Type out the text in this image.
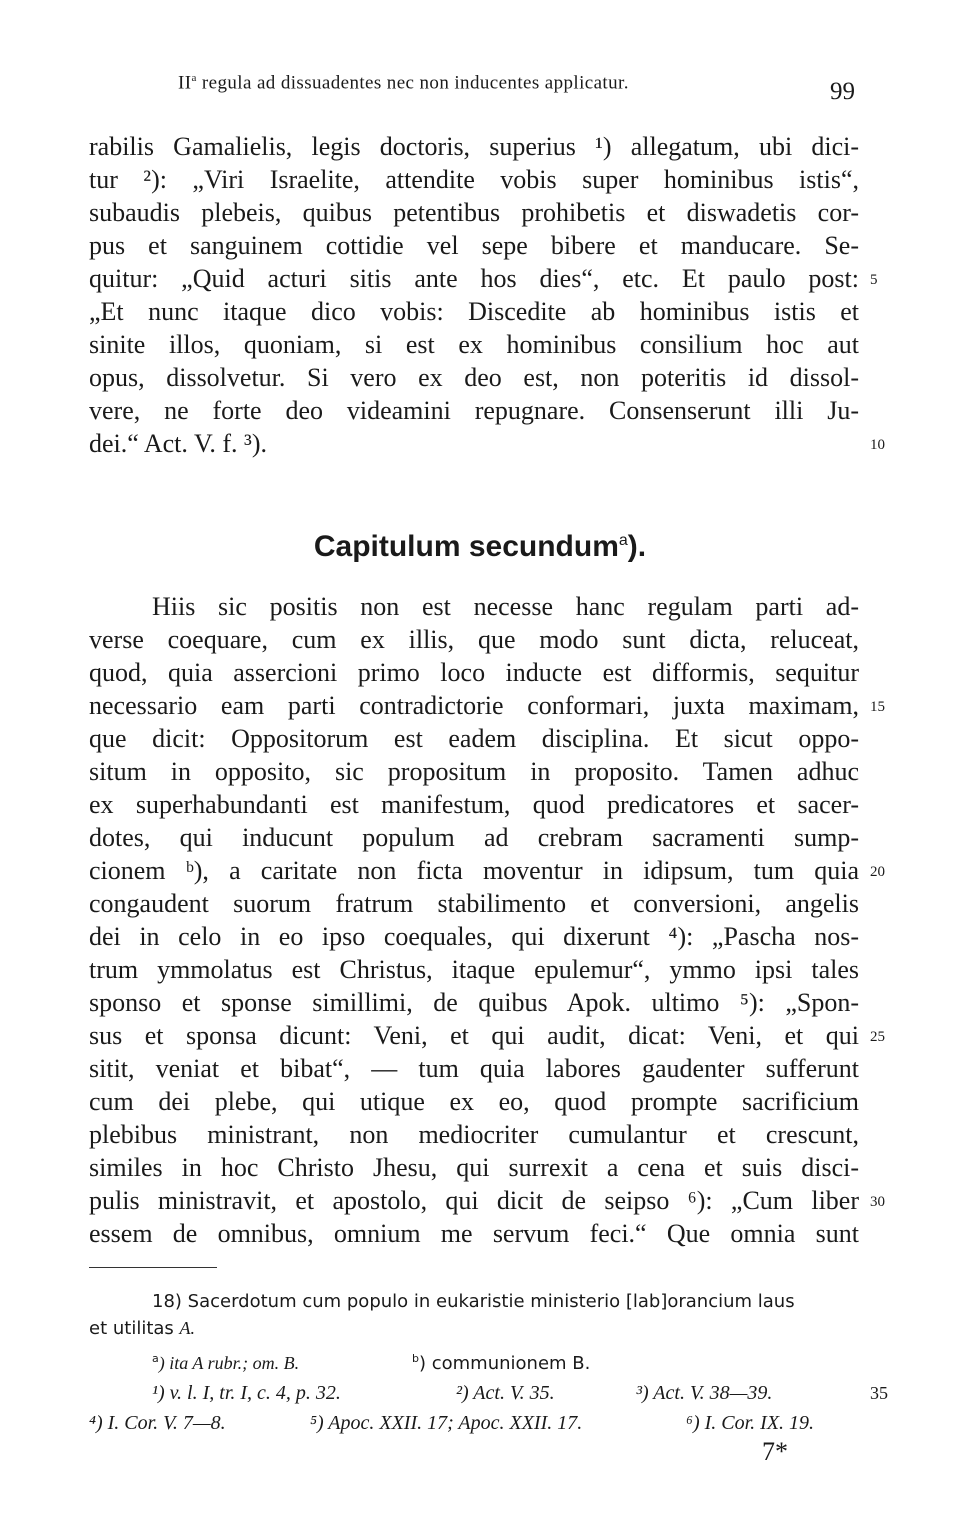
$II^a$ regula ad dissuadentes nec non inducentes applicatur.	99
rabilis Gamalielis, legis doctoris, superius ¹) allegatum, ubi dici-
tur ²): „Viri Israelite, attendite vobis super hominibus istis“,
subaudis plebeis, quibus petentibus prohibetis et diswadetis cor-
pus et sanguinem cottidie vel sepe bibere et manducare. Se-
quitur: „Quid acturi sitis ante hos dies“, etc. Et paulo post:
„Et nunc itaque dico vobis: Discedite ab hominibus istis et
sinite illos, quoniam, si est ex hominibus consilium hoc aut
opus, dissolvetur. Si vero ex deo est, non poteritis id dissol-
vere, ne forte deo videamini repugnare. Consenserunt illi Ju-
dei.“ Act. V. f. ³).
Capitulum secundum$^a$).
Hiis sic positis non est necesse hanc regulam parti ad-
verse coequare, cum ex illis, que modo sunt dicta, reluceat,
quod, quia assercioni primo loco inducte est difformis, sequitur
necessario eam parti contradictorie conformari, juxta maximam,
que dicit: Oppositorum est eadem disciplina. Et sicut oppo-
situm in opposito, sic propositum in proposito. Tamen adhuc
ex superhabundanti est manifestum, quod predicatores et sacer-
dotes, qui inducunt populum ad crebram sacramenti sump-
cionem ᵇ), a caritate non ficta moventur in idipsum, tum quia
congaudent suorum fratrum stabilimento et conversioni, angelis
dei in celo in eo ipso coequales, qui dixerunt ⁴): „Pascha nos-
trum ymmolatus est Christus, itaque epulemur“, ymmo ipsi tales
sponso et sponse simillimi, de quibus Apok. ultimo ⁵): „Spon-
sus et sponsa dicunt: Veni, et qui audit, dicat: Veni, et qui
sitit, veniat et bibat“, — tum quia labores gaudenter sufferunt
cum dei plebe, qui utique ex eo, quod prompte sacrificium
plebibus ministrant, non mediocriter cumulantur et crescunt,
similes in hoc Christo Jhesu, qui surrexit a cena et suis disci-
pulis ministravit, et apostolo, qui dicit de seipso ⁶): „Cum liber
essem de omnibus, omnium me servum feci.“ Que omnia sunt
5
10
15
20
25
30
18) Sacerdotum cum populo in eukaristie ministerio [lab]orancium laus
et utilitas A.
$^a$) ita A rubr.; om. B.	$^b$) communionem B.
¹) v. l. I, tr. I, c. 4, p. 32.	²) Act. V. 35.	³) Act. V. 38—39.	35
⁴) I. Cor. V. 7—8.	⁵) Apoc. XXII. 17; Apoc. XXII. 17.	⁶) I. Cor. IX. 19.
7*
